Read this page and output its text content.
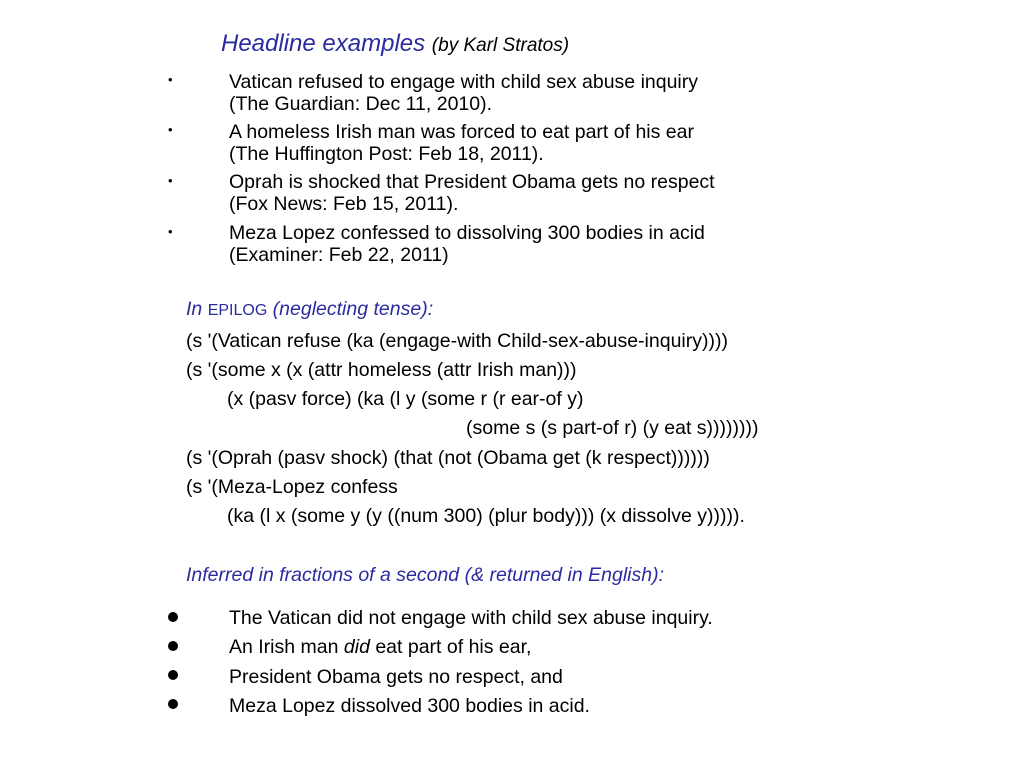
Headline examples (by Karl Stratos)
•
•
•
•
Vatican refused to engage with child sex abuse inquiry
(The Guardian: Dec 11, 2010).
A homeless Irish man was forced to eat part of his ear
(The Huffington Post: Feb 18, 2011).
Oprah is shocked that President Obama gets no respect
(Fox News: Feb 15, 2011).
Meza Lopez confessed to dissolving 300 bodies in acid
(Examiner: Feb 22, 2011)
In EPILOG (neglecting tense):
(s '(Vatican refuse (ka (engage-with Child-sex-abuse-inquiry))))
(s '(some x (x (attr homeless (attr Irish man)))
(x (pasv force) (ka (l y (some r (r ear-of y)
(some s (s part-of r) (y eat s))))))))
(s '(Oprah (pasv shock) (that (not (Obama get (k respect))))))
(s '(Meza-Lopez confess
(ka (l x (some y (y ((num 300) (plur body))) (x dissolve y))))).
Inferred in fractions of a second (& returned in English):
The Vatican did not engage with child sex abuse inquiry.
An Irish man did eat part of his ear,
President Obama gets no respect, and
Meza Lopez dissolved 300 bodies in acid.
